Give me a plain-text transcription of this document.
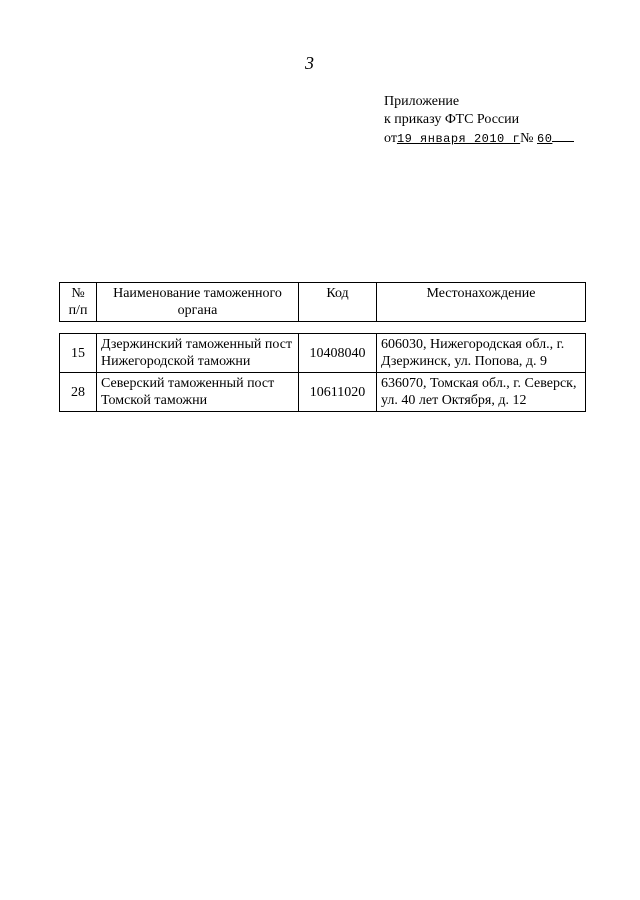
3
Приложение
к приказу ФТС России
от19 января 2010 г№ 60
№ п/п	Наименование таможенного органа	Код	Местонахождение
15	Дзержинский таможенный пост Нижегородской таможни	10408040	606030, Нижегородская обл., г. Дзержинск, ул. Попова, д. 9
28	Северский таможенный пост Томской таможни	10611020	636070, Томская обл., г. Северск, ул. 40 лет Октября, д. 12
